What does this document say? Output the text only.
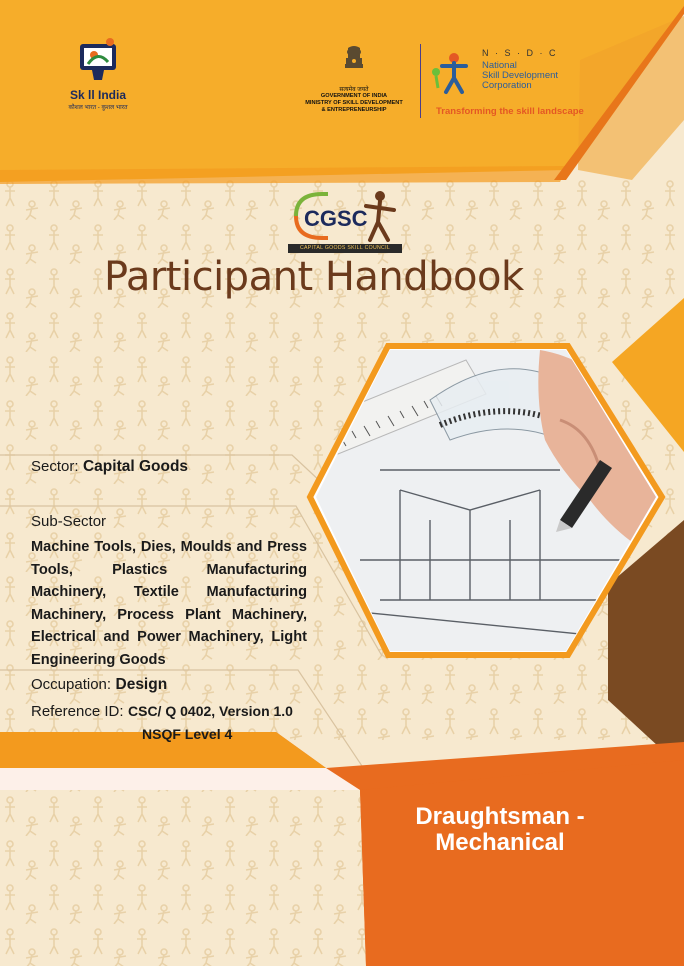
Sk ll India
कौशल भारत - कुशल भारत
सत्यमेव जयते
GOVERNMENT OF INDIA
MINISTRY OF SKILL DEVELOPMENT
& ENTREPRENEURSHIP
N · S · D · C
National
Skill Development
Corporation
Transforming the skill landscape
CGSC
CAPITAL GOODS SKILL COUNCIL
Participant Handbook
Sector: Capital Goods
Sub-Sector
Machine Tools, Dies, Moulds and Press Tools, Plastics Manufacturing Machinery, Textile Manufacturing Machinery, Process Plant Machinery, Electrical and Power Machinery, Light Engineering Goods
Occupation: Design
Reference ID: CSC/ Q 0402, Version 1.0
NSQF Level 4
Draughtsman -
Mechanical
